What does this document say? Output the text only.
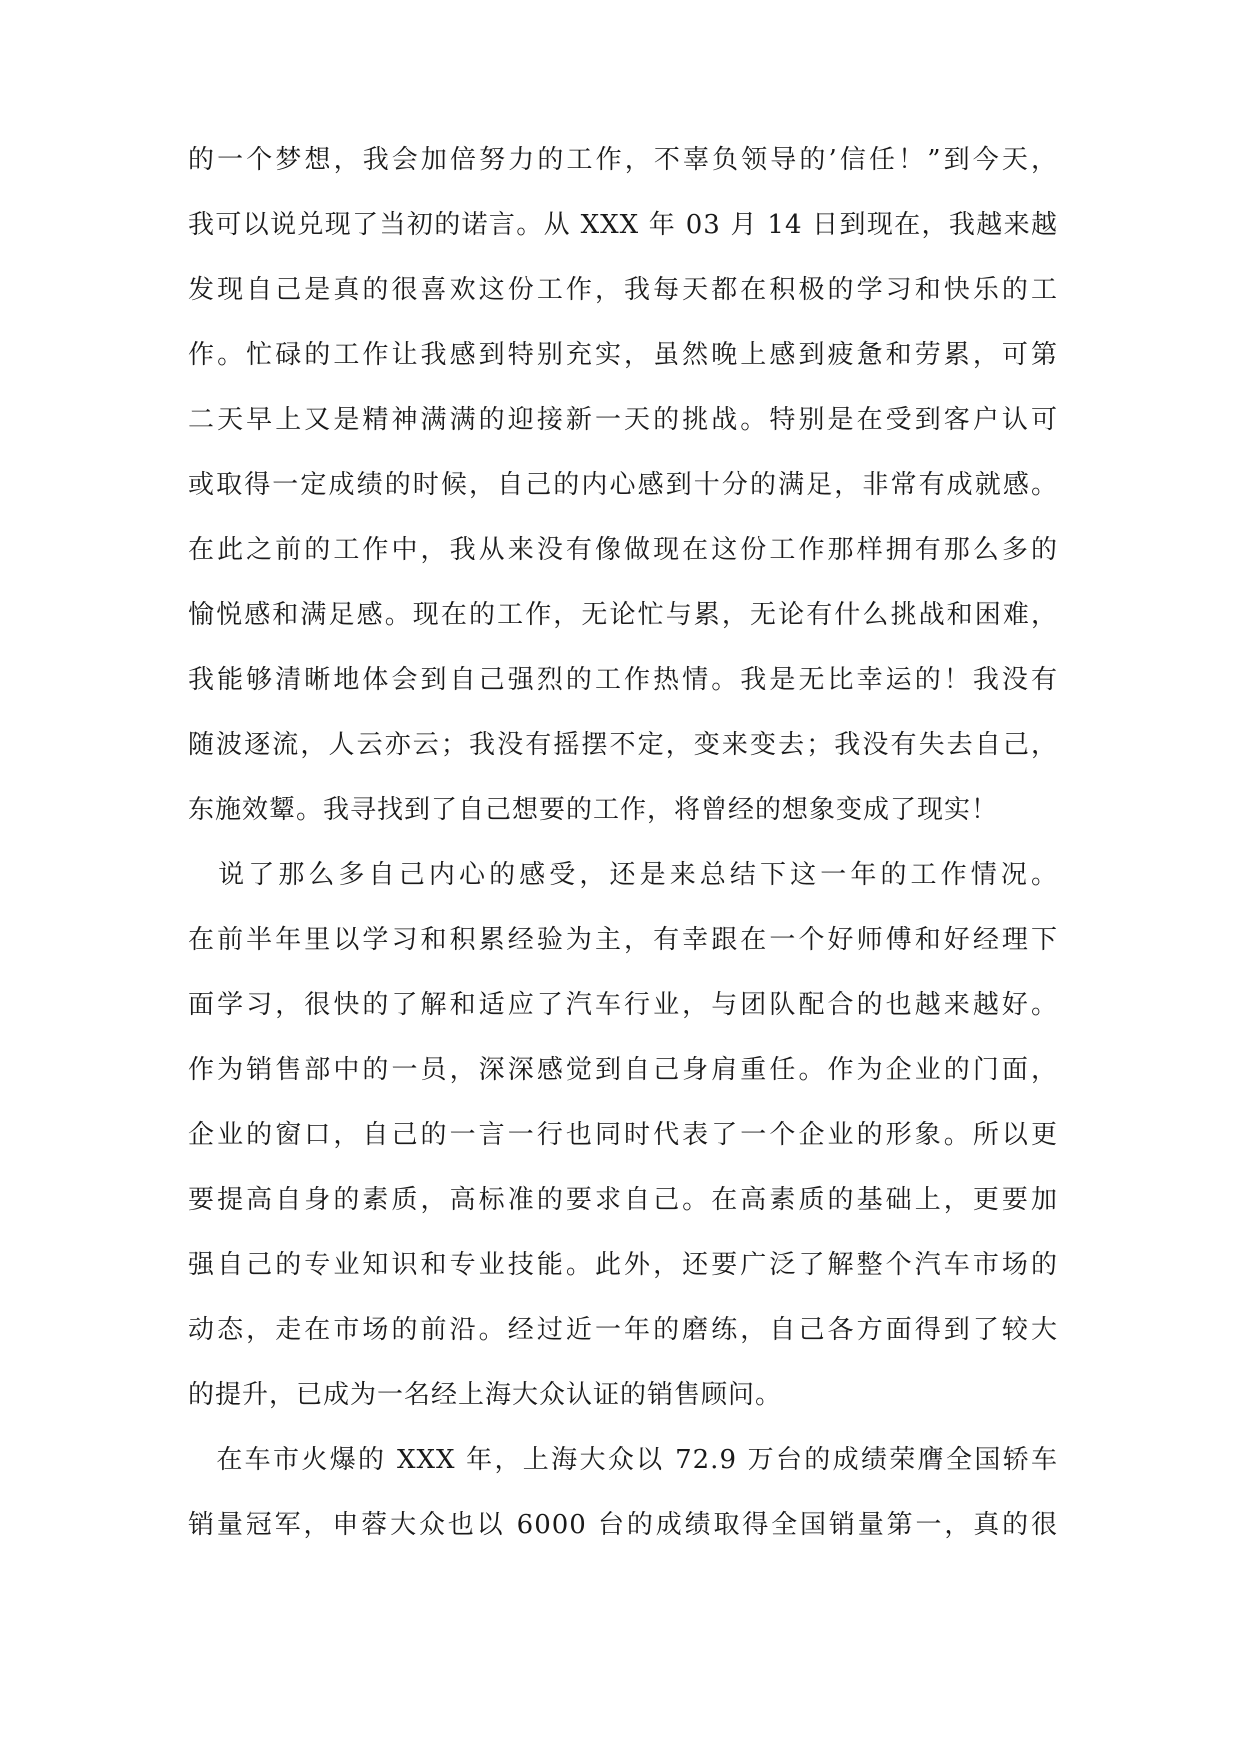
的一个梦想，我会加倍努力的工作，不辜负领导的’信任！”到今天，
我可以说兑现了当初的诺言。从 XXX 年 03 月 14 日到现在，我越来越
发现自己是真的很喜欢这份工作，我每天都在积极的学习和快乐的工
作。忙碌的工作让我感到特别充实，虽然晚上感到疲惫和劳累，可第
二天早上又是精神满满的迎接新一天的挑战。特别是在受到客户认可
或取得一定成绩的时候，自己的内心感到十分的满足，非常有成就感。
在此之前的工作中，我从来没有像做现在这份工作那样拥有那么多的
愉悦感和满足感。现在的工作，无论忙与累，无论有什么挑战和困难，
我能够清晰地体会到自己强烈的工作热情。我是无比幸运的！我没有
随波逐流，人云亦云；我没有摇摆不定，变来变去；我没有失去自己，
东施效颦。我寻找到了自己想要的工作，将曾经的想象变成了现实！
　说了那么多自己内心的感受，还是来总结下这一年的工作情况。
在前半年里以学习和积累经验为主，有幸跟在一个好师傅和好经理下
面学习，很快的了解和适应了汽车行业，与团队配合的也越来越好。
作为销售部中的一员，深深感觉到自己身肩重任。作为企业的门面，
企业的窗口，自己的一言一行也同时代表了一个企业的形象。所以更
要提高自身的素质，高标准的要求自己。在高素质的基础上，更要加
强自己的专业知识和专业技能。此外，还要广泛了解整个汽车市场的
动态，走在市场的前沿。经过近一年的磨练，自己各方面得到了较大
的提升，已成为一名经上海大众认证的销售顾问。
　在车市火爆的 XXX 年，上海大众以 72.9 万台的成绩荣膺全国轿车
销量冠军，申蓉大众也以 6000 台的成绩取得全国销量第一，真的很
